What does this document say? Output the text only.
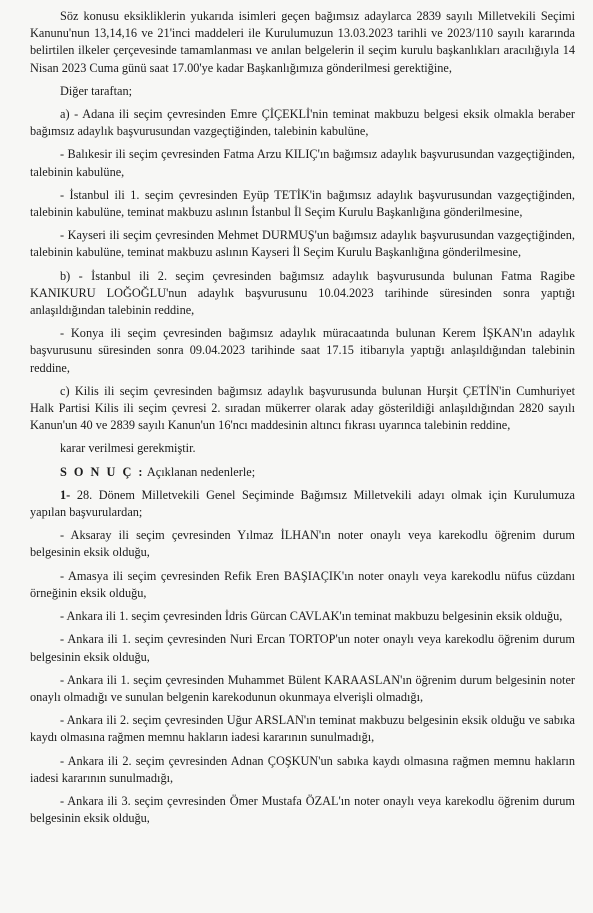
Söz konusu eksikliklerin yukarıda isimleri geçen bağımsız adaylarca 2839 sayılı Milletvekili Seçimi Kanunu'nun 13,14,16 ve 21'inci maddeleri ile Kurulumuzun 13.03.2023 tarihli ve 2023/110 sayılı kararında belirtilen ilkeler çerçevesinde tamamlanması ve anılan belgelerin il seçim kurulu başkanlıkları aracılığıyla 14 Nisan 2023 Cuma günü saat 17.00'ye kadar Başkanlığımıza gönderilmesi gerektiğine,

Diğer taraftan;

a) - Adana ili seçim çevresinden Emre ÇİÇEKLİ'nin teminat makbuzu belgesi eksik olmakla beraber bağımsız adaylık başvurusundan vazgeçtiğinden, talebinin kabulüne,

- Balıkesir ili seçim çevresinden Fatma Arzu KILIÇ'ın bağımsız adaylık başvurusundan vazgeçtiğinden, talebinin kabulüne,

- İstanbul ili 1. seçim çevresinden Eyüp TETİK'in bağımsız adaylık başvurusundan vazgeçtiğinden, talebinin kabulüne, teminat makbuzu aslının İstanbul İl Seçim Kurulu Başkanlığına gönderilmesine,

- Kayseri ili seçim çevresinden Mehmet DURMUŞ'un bağımsız adaylık başvurusundan vazgeçtiğinden, talebinin kabulüne, teminat makbuzu aslının Kayseri İl Seçim Kurulu Başkanlığına gönderilmesine,

b) - İstanbul ili 2. seçim çevresinden bağımsız adaylık başvurusunda bulunan Fatma Ragibe KANIKURU LOĞOĞLU'nun adaylık başvurusunu 10.04.2023 tarihinde süresinden sonra yaptığı anlaşıldığından talebinin reddine,

- Konya ili seçim çevresinden bağımsız adaylık müracaatında bulunan Kerem İŞKAN'ın adaylık başvurusunu süresinden sonra 09.04.2023 tarihinde saat 17.15 itibarıyla yaptığı anlaşıldığından talebinin reddine,

c) Kilis ili seçim çevresinden bağımsız adaylık başvurusunda bulunan Hurşit ÇETİN'in Cumhuriyet Halk Partisi Kilis ili seçim çevresi 2. sıradan mükerrer olarak aday gösterildiği anlaşıldığından 2820 sayılı Kanun'un 40 ve 2839 sayılı Kanun'un 16'ncı maddesinin altıncı fıkrası uyarınca talebinin reddine,

karar verilmesi gerekmiştir.

S O N U Ç : Açıklanan nedenlerle;

1- 28. Dönem Milletvekili Genel Seçiminde Bağımsız Milletvekili adayı olmak için Kurulumuza yapılan başvurulardan;

- Aksaray ili seçim çevresinden Yılmaz İLHAN'ın noter onaylı veya karekodlu öğrenim durum belgesinin eksik olduğu,

- Amasya ili seçim çevresinden Refik Eren BAŞIAÇIK'ın noter onaylı veya karekodlu nüfus cüzdanı örneğinin eksik olduğu,

- Ankara ili 1. seçim çevresinden İdris Gürcan CAVLAK'ın teminat makbuzu belgesinin eksik olduğu,

- Ankara ili 1. seçim çevresinden Nuri Ercan TORTOP'un noter onaylı veya karekodlu öğrenim durum belgesinin eksik olduğu,

- Ankara ili 1. seçim çevresinden Muhammet Bülent KARAASLAN'ın öğrenim durum belgesinin noter onaylı olmadığı ve sunulan belgenin karekodunun okunmaya elverişli olmadığı,

- Ankara ili 2. seçim çevresinden Uğur ARSLAN'ın teminat makbuzu belgesinin eksik olduğu ve sabıka kaydı olmasına rağmen memnu hakların iadesi kararının sunulmadığı,

- Ankara ili 2. seçim çevresinden Adnan ÇOŞKUN'un sabıka kaydı olmasına rağmen memnu hakların iadesi kararının sunulmadığı,

- Ankara ili 3. seçim çevresinden Ömer Mustafa ÖZAL'ın noter onaylı veya karekodlu öğrenim durum belgesinin eksik olduğu,
